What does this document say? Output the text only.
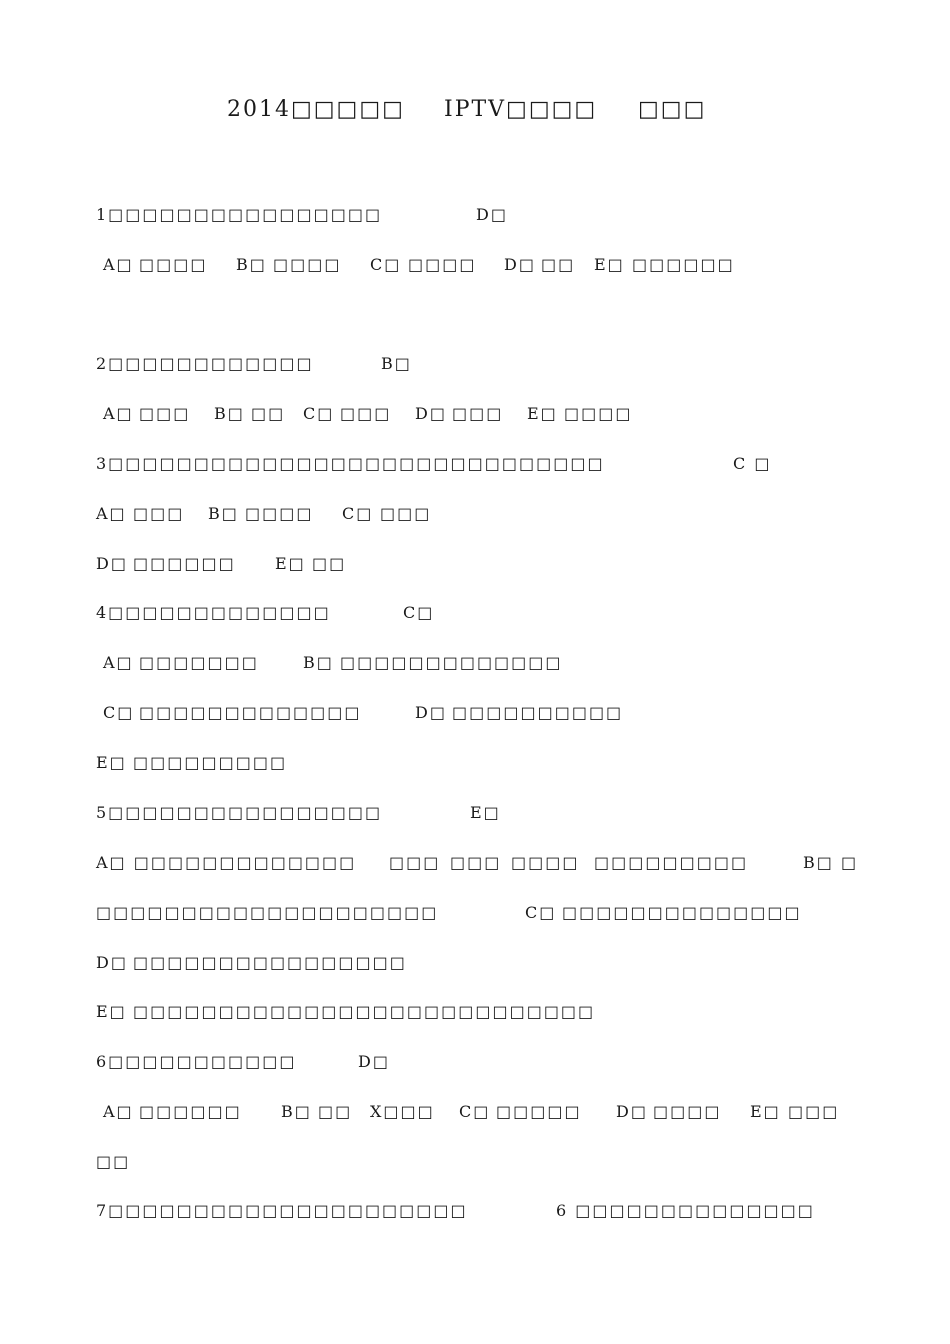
2014□□□□□ IPTV□□□□ □□□
1□□□□□□□□□□□□□□□□	D□
A□ □□□□ B□ □□□□ C□ □□□□ D□ □□ E□ □□□□□□
2□□□□□□□□□□□□	B□
A□ □□□ B□ □□ C□ □□□ D□ □□□ E□ □□□□
3□□□□□□□□□□□□□□□□□□□□□□□□□□□□□	C □
A□ □□□ B□ □□□□ C□ □□□
D□ □□□□□□ E□ □□
4□□□□□□□□□□□□□	C□
A□ □□□□□□□	B□ □□□□□□□□□□□□□
C□ □□□□□□□□□□□□□	D□ □□□□□□□□□□
E□ □□□□□□□□□
5□□□□□□□□□□□□□□□□	E□
A□ □□□□□□□□□□□□□ □□□ □□□ □□□□ □□□□□□□□□	B□ □
□□□□□□□□□□□□□□□□□□□□	C□ □□□□□□□□□□□□□□
D□ □□□□□□□□□□□□□□□□
E□ □□□□□□□□□□□□□□□□□□□□□□□□□□□
6□□□□□□□□□□□	D□
A□ □□□□□□ B□ □□ X□□□ C□ □□□□□ D□ □□□□ E□ □□□
□□
7□□□□□□□□□□□□□□□□□□□□□	6 □□□□□□□□□□□□□□
